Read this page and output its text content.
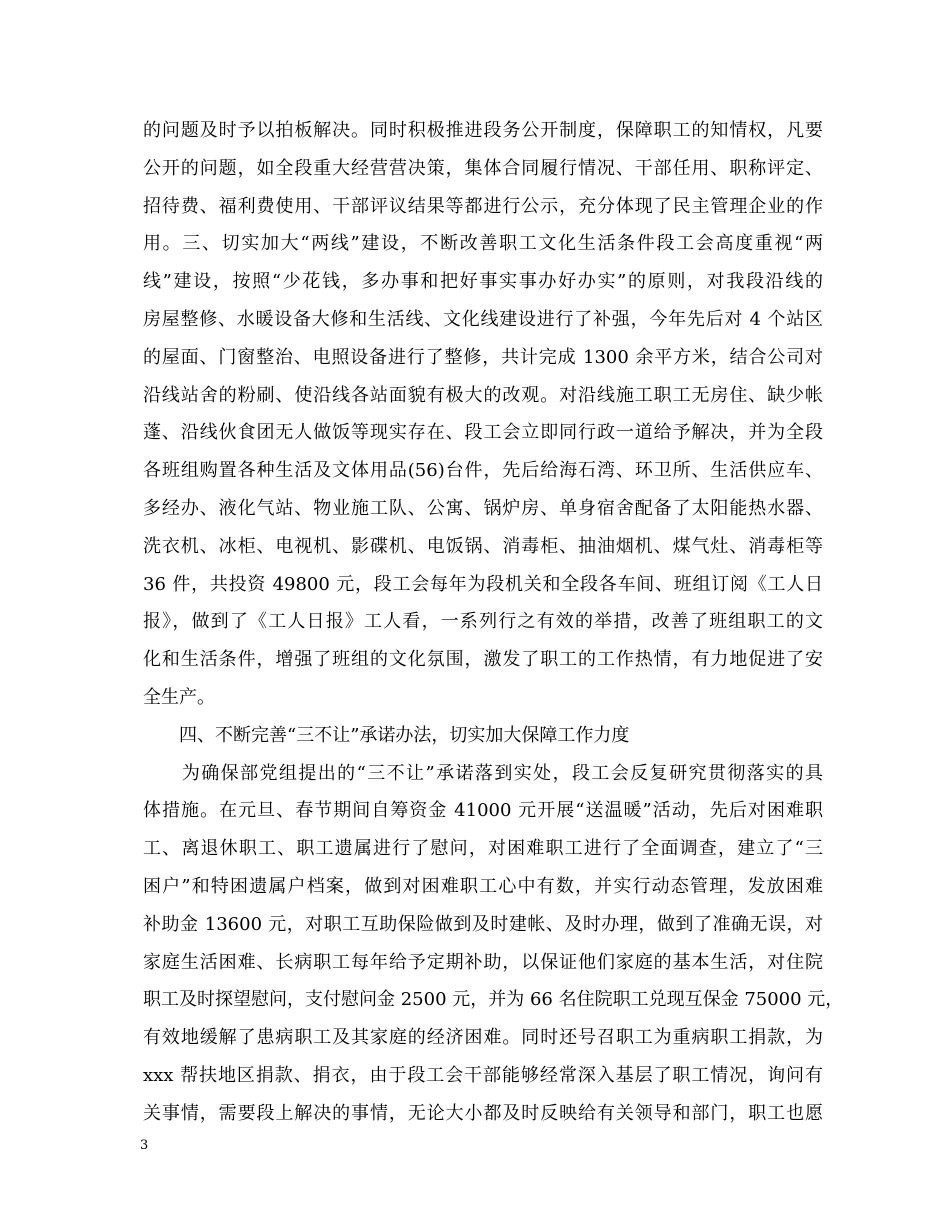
的问题及时予以拍板解决。同时积极推进段务公开制度，保障职工的知情权，凡要
公开的问题，如全段重大经营营决策，集体合同履行情况、干部任用、职称评定、
招待费、福利费使用、干部评议结果等都进行公示，充分体现了民主管理企业的作
用。三、切实加大“两线”建设，不断改善职工文化生活条件段工会高度重视“两
线”建设，按照“少花钱，多办事和把好事实事办好办实”的原则，对我段沿线的
房屋整修、水暖设备大修和生活线、文化线建设进行了补强，今年先后对 4 个站区
的屋面、门窗整治、电照设备进行了整修，共计完成 1300 余平方米，结合公司对
沿线站舍的粉刷、使沿线各站面貌有极大的改观。对沿线施工职工无房住、缺少帐
蓬、沿线伙食团无人做饭等现实存在、段工会立即同行政一道给予解决，并为全段
各班组购置各种生活及文体用品(56)台件，先后给海石湾、环卫所、生活供应车、
多经办、液化气站、物业施工队、公寓、锅炉房、单身宿舍配备了太阳能热水器、
洗衣机、冰柜、电视机、影碟机、电饭锅、消毒柜、抽油烟机、煤气灶、消毒柜等
36 件，共投资 49800 元，段工会每年为段机关和全段各车间、班组订阅《工人日
报》，做到了《工人日报》工人看，一系列行之有效的举措，改善了班组职工的文
化和生活条件，增强了班组的文化氛围，激发了职工的工作热情，有力地促进了安
全生产。
　　四、不断完善“三不让”承诺办法，切实加大保障工作力度
　　为确保部党组提出的“三不让”承诺落到实处，段工会反复研究贯彻落实的具
体措施。在元旦、春节期间自筹资金 41000 元开展“送温暖”活动，先后对困难职
工、离退休职工、职工遗属进行了慰问，对困难职工进行了全面调查，建立了“三
困户”和特困遗属户档案，做到对困难职工心中有数，并实行动态管理，发放困难
补助金 13600 元，对职工互助保险做到及时建帐、及时办理，做到了准确无误，对
家庭生活困难、长病职工每年给予定期补助，以保证他们家庭的基本生活，对住院
职工及时探望慰问，支付慰问金 2500 元，并为 66 名住院职工兑现互保金 75000 元，
有效地缓解了患病职工及其家庭的经济困难。同时还号召职工为重病职工捐款，为
xxx 帮扶地区捐款、捐衣，由于段工会干部能够经常深入基层了职工情况，询问有
关事情，需要段上解决的事情，无论大小都及时反映给有关领导和部门，职工也愿
3
